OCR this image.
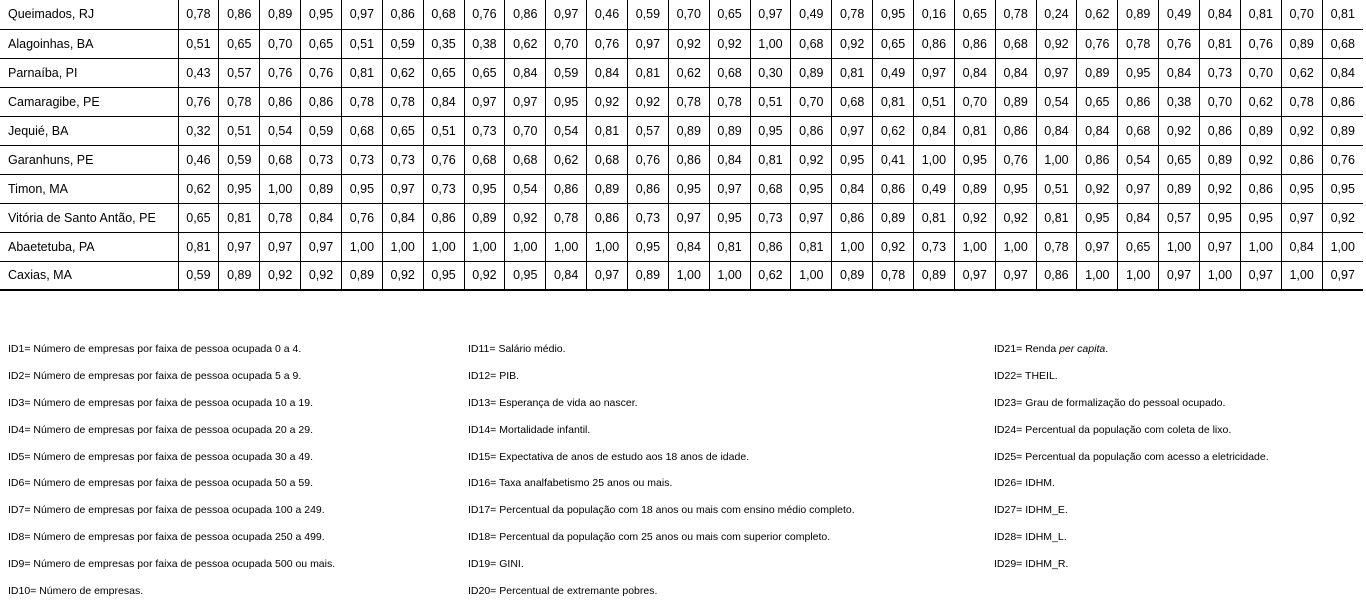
Queimados, RJ	0,78	0,86	0,89	0,95	0,97	0,86	0,68	0,76	0,86	0,97	0,46	0,59	0,70	0,65	0,97	0,49	0,78	0,95	0,16	0,65	0,78	0,24	0,62	0,89	0,49	0,84	0,81	0,70	0,81
Alagoinhas, BA	0,51	0,65	0,70	0,65	0,51	0,59	0,35	0,38	0,62	0,70	0,76	0,97	0,92	0,92	1,00	0,68	0,92	0,65	0,86	0,86	0,68	0,92	0,76	0,78	0,76	0,81	0,76	0,89	0,68
Parnaíba, PI	0,43	0,57	0,76	0,76	0,81	0,62	0,65	0,65	0,84	0,59	0,84	0,81	0,62	0,68	0,30	0,89	0,81	0,49	0,97	0,84	0,84	0,97	0,89	0,95	0,84	0,73	0,70	0,62	0,84
Camaragibe, PE	0,76	0,78	0,86	0,86	0,78	0,78	0,84	0,97	0,97	0,95	0,92	0,92	0,78	0,78	0,51	0,70	0,68	0,81	0,51	0,70	0,89	0,54	0,65	0,86	0,38	0,70	0,62	0,78	0,86
Jequié, BA	0,32	0,51	0,54	0,59	0,68	0,65	0,51	0,73	0,70	0,54	0,81	0,57	0,89	0,89	0,95	0,86	0,97	0,62	0,84	0,81	0,86	0,84	0,84	0,68	0,92	0,86	0,89	0,92	0,89
Garanhuns, PE	0,46	0,59	0,68	0,73	0,73	0,73	0,76	0,68	0,68	0,62	0,68	0,76	0,86	0,84	0,81	0,92	0,95	0,41	1,00	0,95	0,76	1,00	0,86	0,54	0,65	0,89	0,92	0,86	0,76
Timon, MA	0,62	0,95	1,00	0,89	0,95	0,97	0,73	0,95	0,54	0,86	0,89	0,86	0,95	0,97	0,68	0,95	0,84	0,86	0,49	0,89	0,95	0,51	0,92	0,97	0,89	0,92	0,86	0,95	0,95
Vitória de Santo Antão, PE	0,65	0,81	0,78	0,84	0,76	0,84	0,86	0,89	0,92	0,78	0,86	0,73	0,97	0,95	0,73	0,97	0,86	0,89	0,81	0,92	0,92	0,81	0,95	0,84	0,57	0,95	0,95	0,97	0,92
Abaetetuba, PA	0,81	0,97	0,97	0,97	1,00	1,00	1,00	1,00	1,00	1,00	1,00	0,95	0,84	0,81	0,86	0,81	1,00	0,92	0,73	1,00	1,00	0,78	0,97	0,65	1,00	0,97	1,00	0,84	1,00
Caxias, MA	0,59	0,89	0,92	0,92	0,89	0,92	0,95	0,92	0,95	0,84	0,97	0,89	1,00	1,00	0,62	1,00	0,89	0,78	0,89	0,97	0,97	0,86	1,00	1,00	0,97	1,00	0,97	1,00	0,97
ID1= Número de empresas por faixa de pessoa ocupada 0 a 4.
ID2= Número de empresas por faixa de pessoa ocupada 5 a 9.
ID3= Número de empresas por faixa de pessoa ocupada 10 a 19.
ID4= Número de empresas por faixa de pessoa ocupada 20 a 29.
ID5= Número de empresas por faixa de pessoa ocupada 30 a 49.
ID6= Número de empresas por faixa de pessoa ocupada 50 a 59.
ID7= Número de empresas por faixa de pessoa ocupada 100 a 249.
ID8= Número de empresas por faixa de pessoa ocupada 250 a 499.
ID9= Número de empresas por faixa de pessoa ocupada 500 ou mais.
ID10= Número de empresas.
ID11= Salário médio.
ID12= PIB.
ID13= Esperança de vida ao nascer.
ID14= Mortalidade infantil.
ID15= Expectativa de anos de estudo aos 18 anos de idade.
ID16= Taxa analfabetismo 25 anos ou mais.
ID17= Percentual da população com 18 anos ou mais com ensino médio completo.
ID18= Percentual da população com 25 anos ou mais com superior completo.
ID19= GINI.
ID20= Percentual de extremante pobres.
ID21= Renda per capita.
ID22= THEIL.
ID23= Grau de formalização do pessoal ocupado.
ID24= Percentual da população com coleta de lixo.
ID25= Percentual da população com acesso a eletricidade.
ID26= IDHM.
ID27= IDHM_E.
ID28= IDHM_L.
ID29= IDHM_R.
